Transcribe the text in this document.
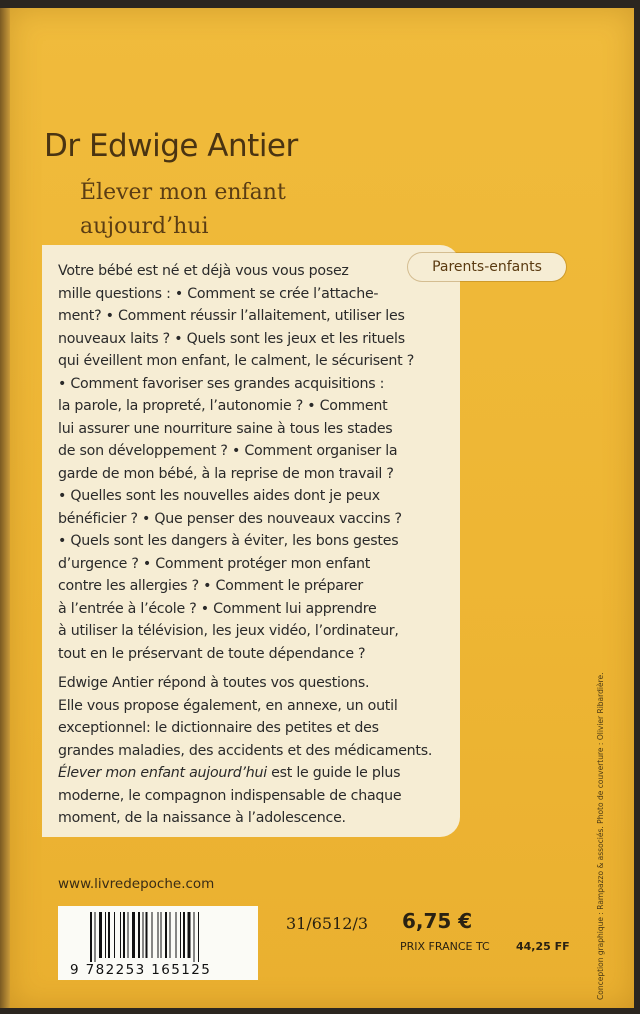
Dr Edwige Antier
Élever mon enfant
aujourd’hui
Parents-enfants
Votre bébé est né et déjà vous vous posez
mille questions : • Comment se crée l’attache-
ment? • Comment réussir l’allaitement, utiliser les
nouveaux laits ? • Quels sont les jeux et les rituels
qui éveillent mon enfant, le calment, le sécurisent ?
• Comment favoriser ses grandes acquisitions :
la parole, la propreté, l’autonomie ? • Comment
lui assurer une nourriture saine à tous les stades
de son développement ? • Comment organiser la
garde de mon bébé, à la reprise de mon travail ?
• Quelles sont les nouvelles aides dont je peux
bénéficier ? • Que penser des nouveaux vaccins ?
• Quels sont les dangers à éviter, les bons gestes
d’urgence ? • Comment protéger mon enfant
contre les allergies ? • Comment le préparer
à l’entrée à l’école ? • Comment lui apprendre
à utiliser la télévision, les jeux vidéo, l’ordinateur,
tout en le préservant de toute dépendance ?
Edwige Antier répond à toutes vos questions.
Elle vous propose également, en annexe, un outil
exceptionnel: le dictionnaire des petites et des
grandes maladies, des accidents et des médicaments.
Élever mon enfant aujourd’hui est le guide le plus
moderne, le compagnon indispensable de chaque
moment, de la naissance à l’adolescence.
www.livredepoche.com
9 782253 165125
31/6512/3 6,75 €
PRIX FRANCE TC 44,25 FF	Conception graphique : Rampazzo & associés. Photo de couverture : Olivier Ribardière.
